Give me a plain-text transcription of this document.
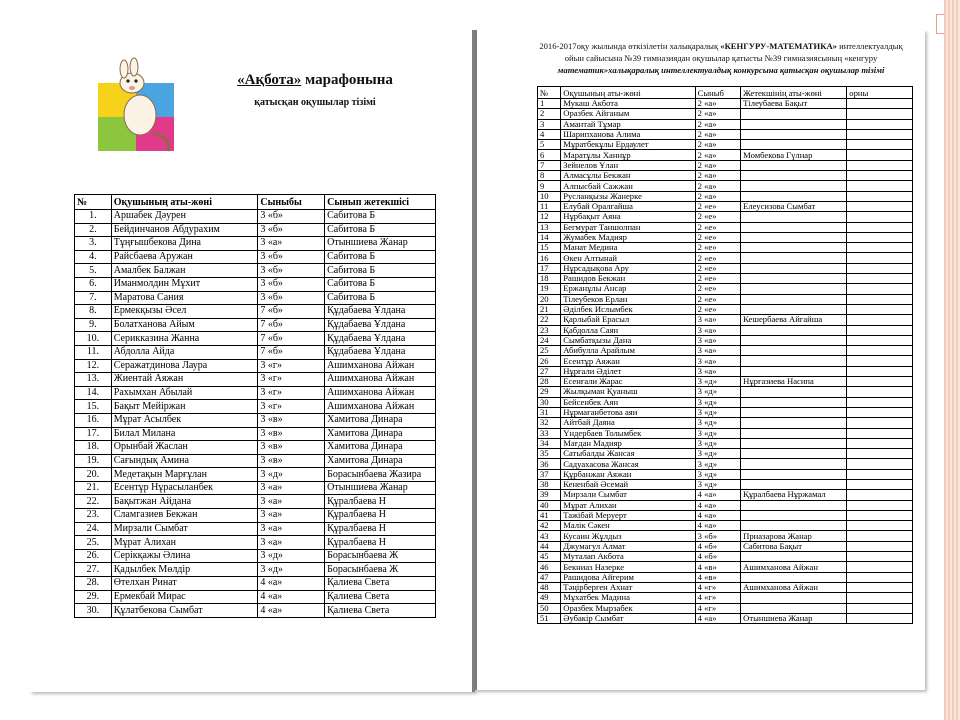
«Ақбота» марафонына
қатысқан оқушылар тізімі
№	Оқушының аты-жөні	Сыныбы	Сынып жетекшісі
1.	Аршабек Дәурен	3 «б»	Сабитова Б
2.	Бейдинчанов Абдурахим	3 «б»	Сабитова Б
3.	Тұңғышбекова Дина	3 «а»	Отыншиева Жанар
4.	Райсбаева Аружан	3 «б»	Сабитова Б
5.	Амалбек Балжан	3 «б»	Сабитова Б
6.	Иманмолдин Мұхит	3 «б»	Сабитова Б
7.	Маратова Сания	3 «б»	Сабитова Б
8.	Ермекқызы Әсел	7 «б»	Құдабаева Ұлдана
9.	Болатханова Айым	7 «б»	Құдабаева Ұлдана
10.	Серикказина Жанна	7 «б»	Құдабаева Ұлдана
11.	Абдолла Айда	7 «б»	Құдабаева Ұлдана
12.	Серажатдинова Лаура	3 «г»	Ашимханова Айжан
13.	Жиентай Аяжан	3 «г»	Ашимханова Айжан
14.	Рахымхан Абылай	3 «г»	Ашимханова Айжан
15.	Бақыт Мейіржан	3 «г»	Ашимханова Айжан
16.	Мұрат Асылбек	3 «в»	Хамитова Динара
17.	Билал Милана	3 «в»	Хамитова Динара
18.	Орынбай Жаслан	3 «в»	Хамитова Динара
19.	Сағындық Амина	3 «в»	Хамитова Динара
20.	Медетақын Марғұлан	3 «д»	Борасынбаева Жазира
21.	Есентұр Нұрасыланбек	3 «а»	Отыншиева Жанар
22.	Бақытжан Айдана	3 «а»	Құралбаева Н
23.	Сламгазиев Бекжан	3 «а»	Құралбаева Н
24.	Мирзали Сымбат	3 «а»	Құралбаева Н
25.	Мұрат Алихан	3 «а»	Құралбаева Н
26.	Серікқажы Әлина	3 «д»	Борасынбаева Ж
27.	Қадылбек Мөлдір	3 «д»	Борасынбаева Ж
28.	Өтелхан Ринат	4 «а»	Қалиева Света
29.	Ермекбай Мирас	4 «а»	Қалиева Света
30.	Құлатбекова Сымбат	4 «а»	Қалиева Света
2016-2017оқу жылында өткізілетін халықаралық «КЕНГУРУ-МАТЕМАТИКА» интеллектуалдық
ойын сайысына №39 гимназиядан оқушылар қатысты №39 гимназиясының «кенгуру
математик»халықаралық интеллектуалдық конкурсына қатысқан оқушылар тізімі
№	Оқушының аты-жөні	Сыныб	Жетекшінің аты-жөні	орны
1	Мукаш Акбота	2 «а»	Тілеубаева Бақыт	
2	Оразбек Айганым	2 «а»		
3	Амантай Тұмар	2 «а»		
4	Шарипханова Алима	2 «а»		
5	Мұратбекұлы Ердаулет	2 «а»		
6	Маратұлы Ханнұр	2 «а»	Момбекова Гүлнар	
7	Зейнелов Ұлан	2 «а»		
8	Алмасұлы Бекжан	2 «а»		
9	Алпысбай Сажжан	2 «а»		
10	Русланқызы Жанерке	2 «а»		
11	Елубай Оралгайша	2 «е»	Елеусизова Сымбат	
12	Нұрбақыт Аяна	2 «е»		
13	Бегмурат Таншолпан	2 «е»		
14	Жумабек Мадияр	2 «е»		
15	Манат Медина	2 «е»		
16	Өкен Алтынай	2 «е»		
17	Нұрсадықова Ару	2 «е»		
18	Рашидов Бекжан	2 «е»		
19	Ержанұлы Ансар	2 «е»		
20	Тілеубеков Ерлан	2 «е»		
21	Әділбек Ислымбек	2 «е»		
22	Қарлыбай Ерасыл	3 «а»	Кешербаева Айгайша	
23	Қабдолла Саян	3 «а»		
24	Сымбатқызы Дана	3 «а»		
25	Абибулла Арайлым	3 «а»		
26	Есентұр Аяжан	3 «а»		
27	Нұрғали Әділет	3 «а»		
28	Есенғали Жарас	3 «д»	Нұрғазиева Насипа	
29	Жылқыман Қуаныш	3 «д»		
30	Бейсенбек Аян	3 «д»		
31	Нұрмағанбетова аяи	3 «д»		
32	Айтбай Даяна	3 «д»		
33	Үндербаев Толымбек	3 «д»		
34	Мағдан Мадияр	3 «д»		
35	Сатыбалды Жансая	3 «д»		
36	Садуахасова Жансая	3 «д»		
37	Құрбанжан Аяжан	3 «д»		
38	Кененбай Әсемай	3 «д»		
39	Мирзали Сымбат	4 «а»	Құралбаева Нұржамал	
40	Мұрат Алихан	4 «а»		
41	Тажібай Меруерт	4 «а»		
42	Малік Сәкен	4 «а»		
43	Кусаин Жұлдыз	3 «б»	Прназарова Жанар	
44	Джумагул Алмат	4 «б»	Сабитова Бақыт	
45	Муталап Акбота	4 «б»		
46	Бекниаз Назерке	4 «в»	Ашимханова Айжан	
47	Рашидова Айгерим	4 «в»		
48	Тәңірберген Ахнат	4 «г»	Ашимханова Айжан	
49	Мұхатбек Мадина	4 «г»		
50	Оразбек Мырзабек	4 «г»		
51	Әубакір Сымбат	4 «а»	Отыншиева Жанар	
